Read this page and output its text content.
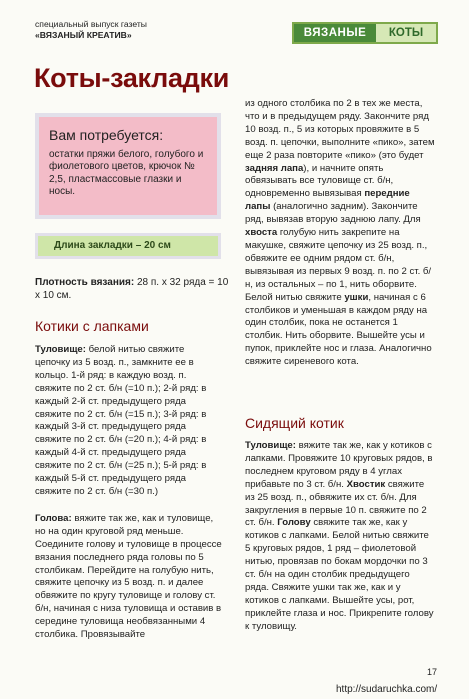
специальный выпуск газеты
«ВЯЗАНЫЙ КРЕАТИВ»	ВЯЗАНЫЕ	КОТЫ
Коты-закладки
Вам потребуется:
остатки пряжи белого, голубого и фиолетового цветов, крючок № 2,5, пластмассовые глазки и носы.
Длина закладки – 20 см
Плотность вязания: 28 п. х 32 ряда = 10 х 10 см.
Котики с лапками

Туловище: белой нитью свяжите цепочку из 5 возд. п., замкните ее в кольцо. 1-й ряд: в каждую возд. п. свяжите по 2 ст. б/н (=10 п.); 2-й ряд: в каждый 2-й ст. предыдущего ряда свяжите по 2 ст. б/н (=15 п.); 3-й ряд: в каждый 3-й ст. предыдущего ряда свяжите по 2 ст. б/н (=20 п.); 4-й ряд: в каждый 4-й ст. предыдущего ряда свяжите по 2 ст. б/н (=25 п.); 5-й ряд: в каждый 5-й ст. предыдущего ряда свяжите по 2 ст. б/н (=30 п.)

Голова: вяжите так же, как и туловище, но на один круговой ряд меньше. Соедините голову и туловище в процессе вязания последнего ряда головы по 5 столбикам. Перейдите на голубую нить, свяжите цепочку из 5 возд. п. и далее обвяжите по кругу туловище и голову ст. б/н, начиная с низа туловища и оставив в середине туловища необвязанными 4 столбика. Провязывайте

из одного столбика по 2 в тех же места, что и в предыдущем ряду. Закончите ряд 10 возд. п., 5 из которых провяжите в 5 возд. п. цепочки, выполните «пико», затем еще 2 раза повторите «пико» (это будет задняя лапа), и начните опять обвязывать все туловище ст. б/н, одновременно вывязывая передние лапы (аналогично задним). Закончите ряд, вывязав вторую заднюю лапу. Для хвоста голубую нить закрепите на макушке, свяжите цепочку из 25 возд. п., обвяжите ее одним рядом ст. б/н, вывязывая из первых 9 возд. п. по 2 ст. б/н, из остальных – по 1, нить оборвите. Белой нитью свяжите ушки, начиная с 6 столбиков и уменьшая в каждом ряду на один столбик, пока не останется 1 столбик. Нить оборвите. Вышейте усы и пупок, приклейте нос и глаза. Аналогично свяжите сиреневого кота.

Сидящий котик

Туловище: вяжите так же, как у котиков с лапками. Провяжите 10 круговых рядов, в последнем круговом ряду в 4 углах прибавьте по 3 ст. б/н. Хвостик свяжите из 25 возд. п., обвяжите их ст. б/н. Для закругления в первые 10 п. свяжите по 2 ст. б/н. Голову свяжите так же, как у котиков с лапками. Белой нитью свяжите 5 круговых рядов, 1 ряд – фиолетовой нитью, провязав по бокам мордочки по 3 ст. б/н на один столбик предыдущего ряда. Свяжите ушки так же, как и у котиков с лапками. Вышейте усы, рот, приклейте глаза и нос. Прикрепите голову к туловищу.

17
http://sudaruchka.com/
